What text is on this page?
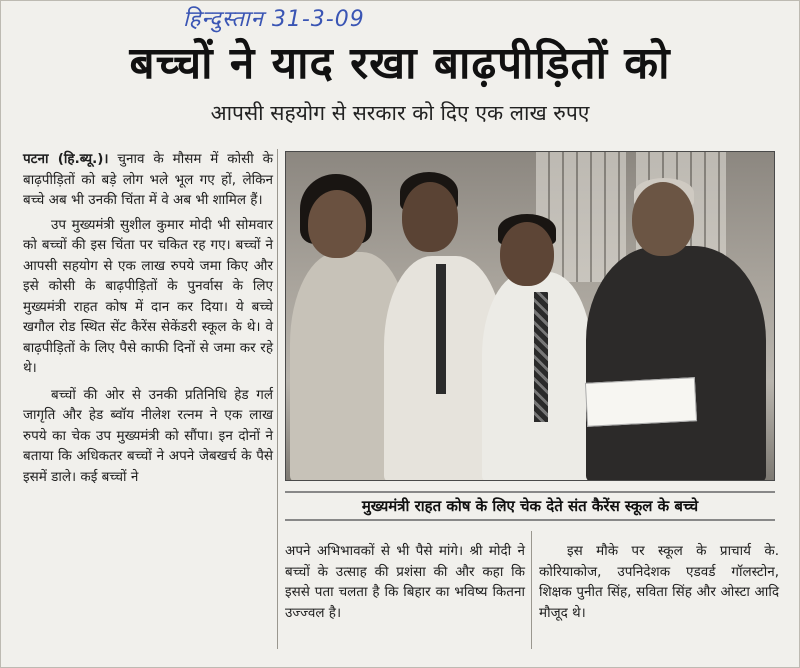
हिन्दुस्तान 31-3-09
बच्चों ने याद रखा बाढ़पीड़ितों को
आपसी सहयोग से सरकार को दिए एक लाख रुपए

पटना (हि.ब्यू.)। चुनाव के मौसम में कोसी के बाढ़पीड़ितों को बड़े लोग भले भूल गए हों, लेकिन बच्चे अब भी उनकी चिंता में वे अब भी शामिल हैं।

उप मुख्यमंत्री सुशील कुमार मोदी भी सोमवार को बच्चों की इस चिंता पर चकित रह गए। बच्चों ने आपसी सहयोग से एक लाख रुपये जमा किए और इसे कोसी के बाढ़पीड़ितों के पुनर्वास के लिए मुख्यमंत्री राहत कोष में दान कर दिया। ये बच्चे खगौल रोड स्थित सेंट कैरेंस सेकेंडरी स्कूल के थे। वे बाढ़पीड़ितों के लिए पैसे काफी दिनों से जमा कर रहे थे।

बच्चों की ओर से उनकी प्रतिनिधि हेड गर्ल जागृति और हेड ब्वॉय नीलेश रत्नम ने एक लाख रुपये का चेक उप मुख्यमंत्री को सौंपा। इन दोनों ने बताया कि अधिकतर बच्चों ने अपने जेबखर्च के पैसे इसमें डाले। कई बच्चों ने

मुख्यमंत्री राहत कोष के लिए चेक देते संत कैरेंस स्कूल के बच्चे

अपने अभिभावकों से भी पैसे मांगे। श्री मोदी ने बच्चों के उत्साह की प्रशंसा की और कहा कि इससे पता चलता है कि बिहार का भविष्य कितना उज्ज्वल है।

इस मौके पर स्कूल के प्राचार्य के. कोरियाकोज, उपनिदेशक एडवर्ड गॉलस्टोन, शिक्षक पुनीत सिंह, सविता सिंह और ओस्टा आदि मौजूद थे।
